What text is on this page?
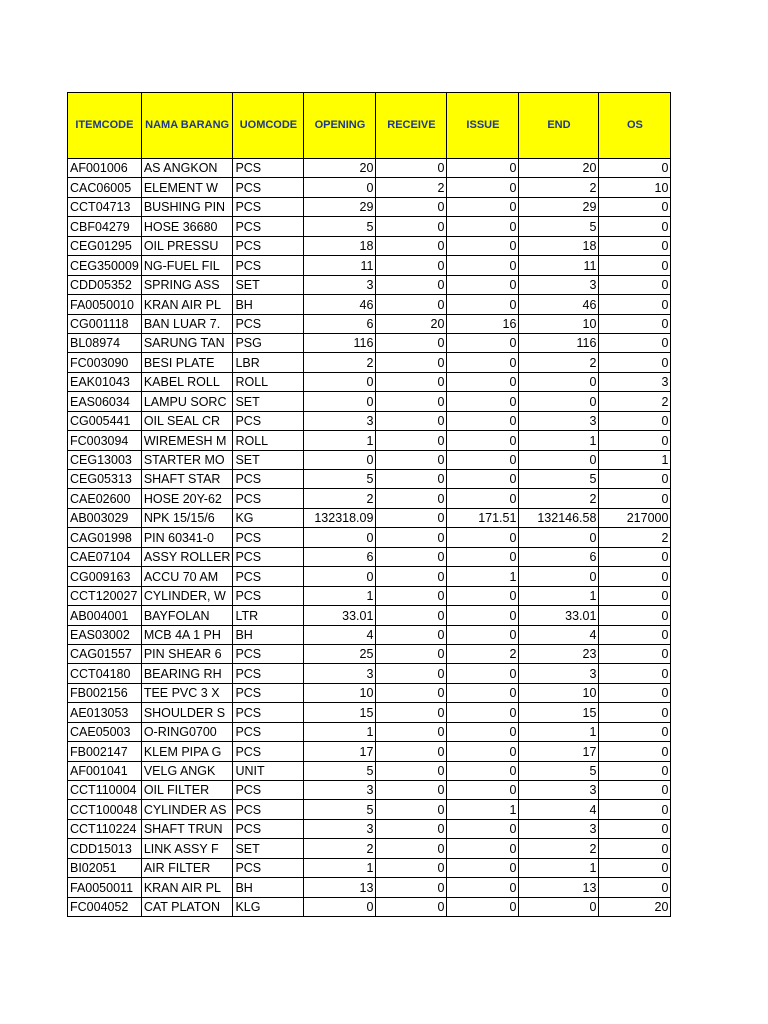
ITEMCODE	NAMA BARANG	UOMCODE	OPENING	RECEIVE	ISSUE	END	OS
AF001006	AS ANGKON	PCS	20	0	0	20	0
CAC06005	ELEMENT W	PCS	0	2	0	2	10
CCT04713	BUSHING PIN	PCS	29	0	0	29	0
CBF04279	HOSE 36680	PCS	5	0	0	5	0
CEG01295	OIL PRESSU	PCS	18	0	0	18	0
CEG350009	NG-FUEL FIL	PCS	11	0	0	11	0
CDD05352	SPRING ASS	SET	3	0	0	3	0
FA0050010	KRAN AIR PL	BH	46	0	0	46	0
CG001118	BAN LUAR 7.	PCS	6	20	16	10	0
BL08974	SARUNG TAN	PSG	116	0	0	116	0
FC003090	BESI PLATE	LBR	2	0	0	2	0
EAK01043	KABEL ROLL	ROLL	0	0	0	0	3
EAS06034	LAMPU SORC	SET	0	0	0	0	2
CG005441	OIL SEAL CR	PCS	3	0	0	3	0
FC003094	WIREMESH M	ROLL	1	0	0	1	0
CEG13003	STARTER MO	SET	0	0	0	0	1
CEG05313	SHAFT STAR	PCS	5	0	0	5	0
CAE02600	HOSE 20Y-62	PCS	2	0	0	2	0
AB003029	NPK 15/15/6	KG	132318.09	0	171.51	132146.58	217000
CAG01998	PIN 60341-0	PCS	0	0	0	0	2
CAE07104	ASSY ROLLER	PCS	6	0	0	6	0
CG009163	ACCU 70 AM	PCS	0	0	1	0	0
CCT120027	CYLINDER, W	PCS	1	0	0	1	0
AB004001	BAYFOLAN	LTR	33.01	0	0	33.01	0
EAS03002	MCB 4A 1 PH	BH	4	0	0	4	0
CAG01557	PIN SHEAR 6	PCS	25	0	2	23	0
CCT04180	BEARING RH	PCS	3	0	0	3	0
FB002156	TEE PVC 3 X	PCS	10	0	0	10	0
AE013053	SHOULDER S	PCS	15	0	0	15	0
CAE05003	O-RING0700	PCS	1	0	0	1	0
FB002147	KLEM PIPA G	PCS	17	0	0	17	0
AF001041	VELG ANGK	UNIT	5	0	0	5	0
CCT110004	OIL FILTER	PCS	3	0	0	3	0
CCT100048	CYLINDER AS	PCS	5	0	1	4	0
CCT110224	SHAFT TRUN	PCS	3	0	0	3	0
CDD15013	LINK ASSY F	SET	2	0	0	2	0
BI02051	AIR FILTER	PCS	1	0	0	1	0
FA0050011	KRAN AIR PL	BH	13	0	0	13	0
FC004052	CAT PLATON	KLG	0	0	0	0	20
